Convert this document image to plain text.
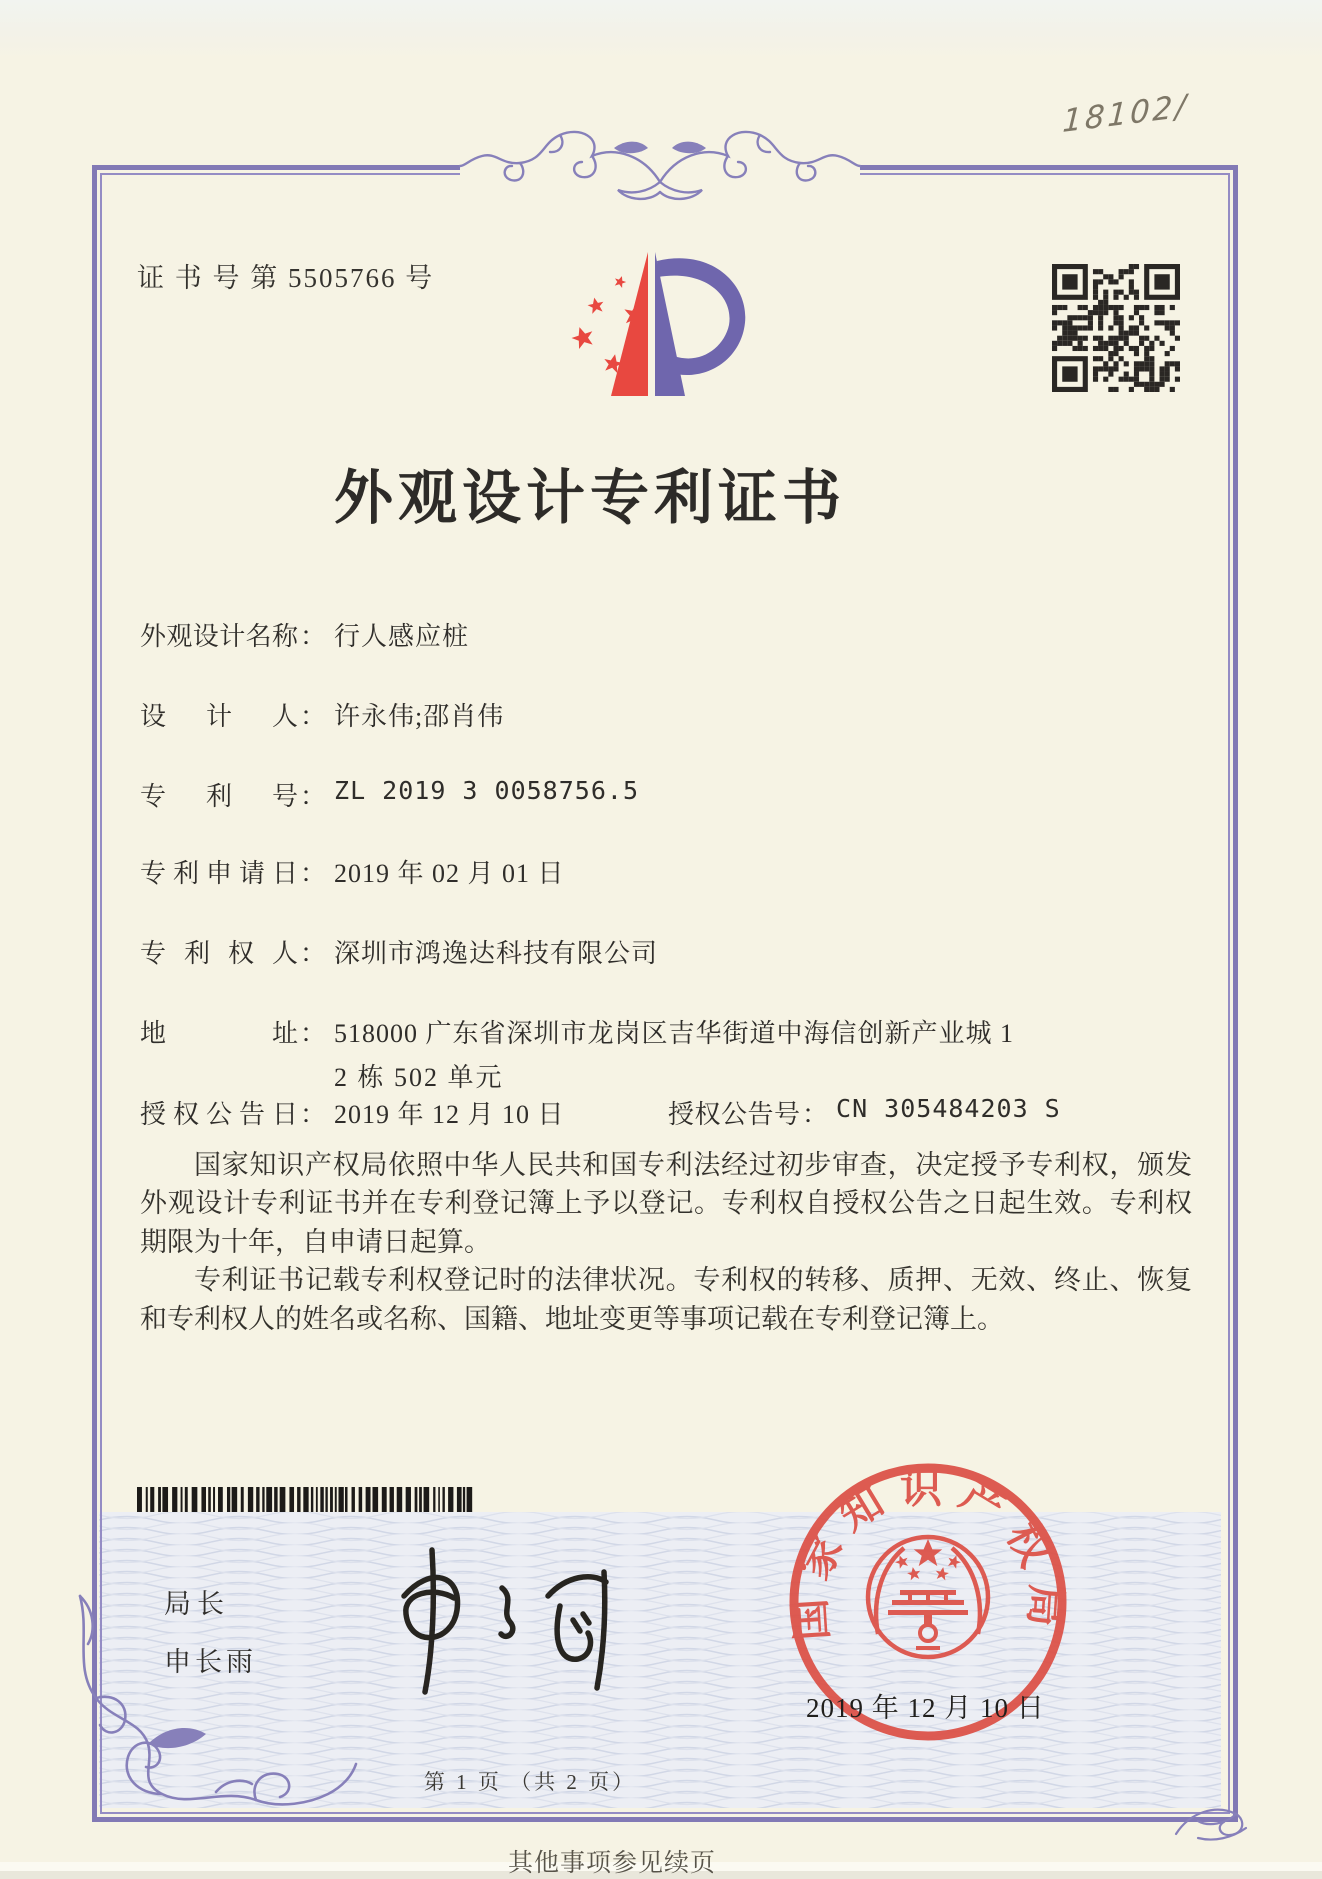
18102/
证 书 号 第 5505766 号
外观设计专利证书
外观设计名称： 行人感应桩
设计人： 许永伟;邵肖伟
专利号： ZL 2019 3 0058756.5
专利申请日： 2019 年 02 月 01 日
专利权人： 深圳市鸿逸达科技有限公司
地址： 518000 广东省深圳市龙岗区吉华街道中海信创新产业城 1
2 栋 502 单元
授权公告日： 2019 年 12 月 10 日	授权公告号： CN 305484203 S

国家知识产权局依照中华人民共和国专利法经过初步审查，决定授予专利权，颁发外观设计专利证书并在专利登记簿上予以登记。专利权自授权公告之日起生效。专利权期限为十年，自申请日起算。

专利证书记载专利权登记时的法律状况。专利权的转移、质押、无效、终止、恢复和专利权人的姓名或名称、国籍、地址变更等事项记载在专利登记簿上。

局长
申长雨
国家知识产权局
2019 年 12 月 10 日
第 1 页 （共 2 页）
